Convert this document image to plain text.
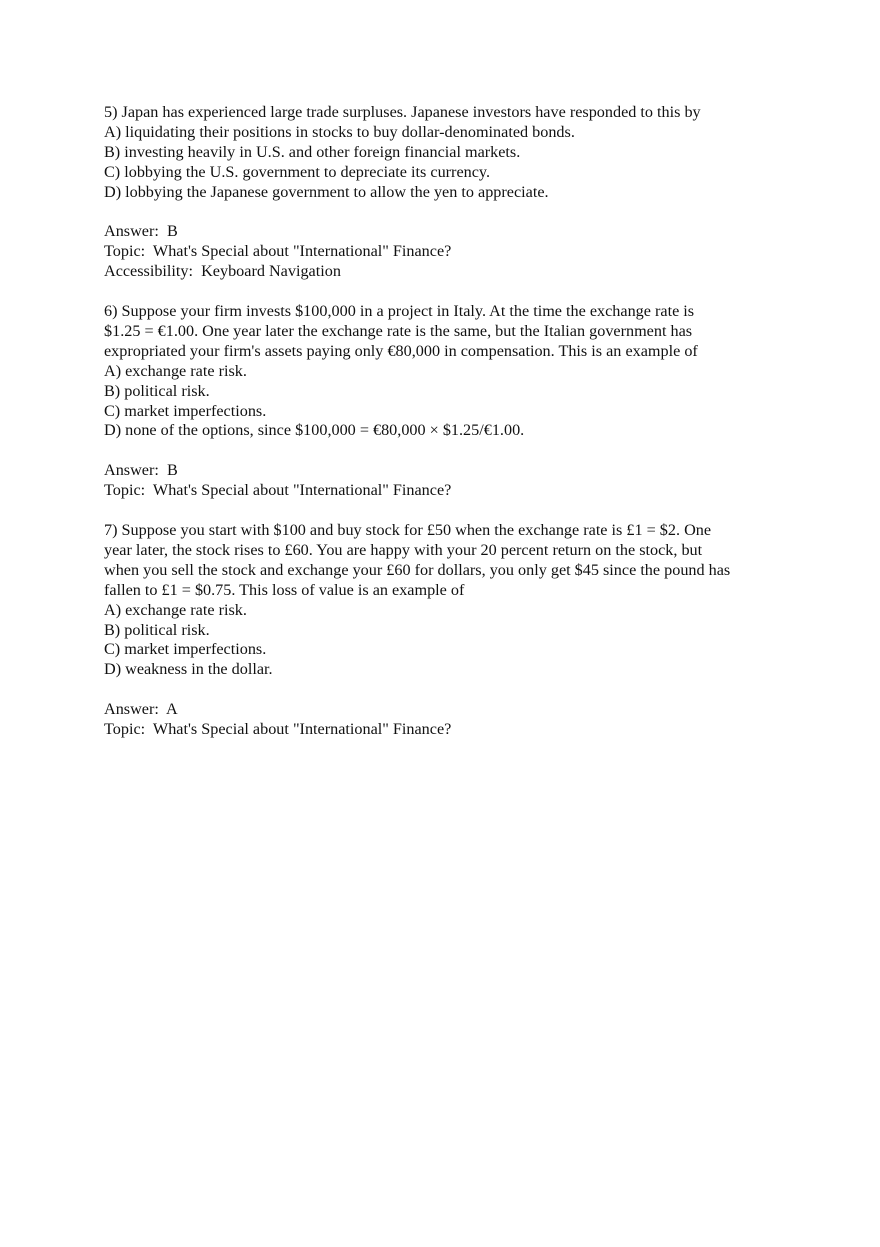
5) Japan has experienced large trade surpluses. Japanese investors have responded to this by
A) liquidating their positions in stocks to buy dollar-denominated bonds.
B) investing heavily in U.S. and other foreign financial markets.
C) lobbying the U.S. government to depreciate its currency.
D) lobbying the Japanese government to allow the yen to appreciate.
Answer:  B
Topic:  What's Special about "International" Finance?
Accessibility:  Keyboard Navigation
6) Suppose your firm invests $100,000 in a project in Italy. At the time the exchange rate is
$1.25 = €1.00. One year later the exchange rate is the same, but the Italian government has
expropriated your firm's assets paying only €80,000 in compensation. This is an example of
A) exchange rate risk.
B) political risk.
C) market imperfections.
D) none of the options, since $100,000 = €80,000 × $1.25/€1.00.
Answer:  B
Topic:  What's Special about "International" Finance?
7) Suppose you start with $100 and buy stock for £50 when the exchange rate is £1 = $2. One
year later, the stock rises to £60. You are happy with your 20 percent return on the stock, but
when you sell the stock and exchange your £60 for dollars, you only get $45 since the pound has
fallen to £1 = $0.75. This loss of value is an example of
A) exchange rate risk.
B) political risk.
C) market imperfections.
D) weakness in the dollar.
Answer:  A
Topic:  What's Special about "International" Finance?
